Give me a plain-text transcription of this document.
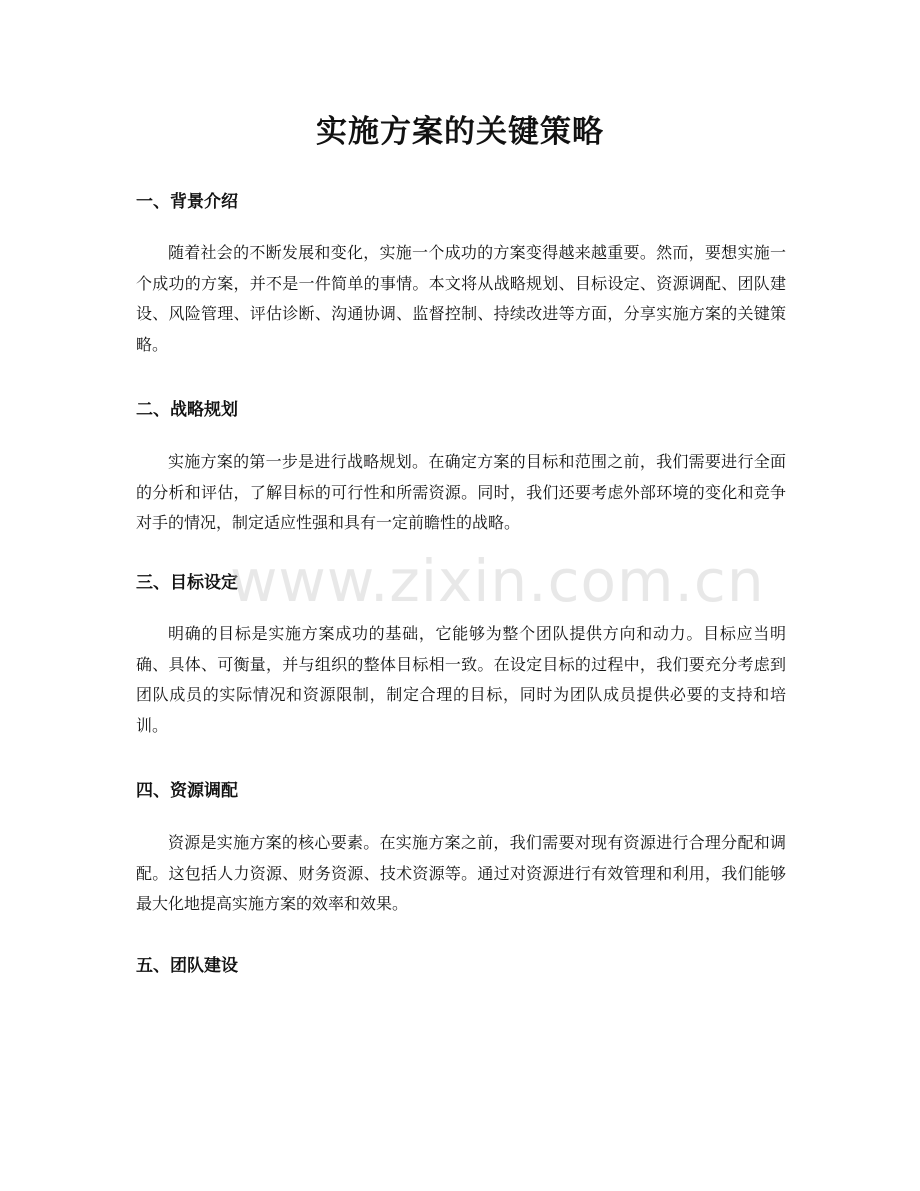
实施方案的关键策略
一、背景介绍

随着社会的不断发展和变化，实施一个成功的方案变得越来越重要。然而，要想实施一个成功的方案，并不是一件简单的事情。本文将从战略规划、目标设定、资源调配、团队建设、风险管理、评估诊断、沟通协调、监督控制、持续改进等方面，分享实施方案的关键策略。

二、战略规划

实施方案的第一步是进行战略规划。在确定方案的目标和范围之前，我们需要进行全面的分析和评估，了解目标的可行性和所需资源。同时，我们还要考虑外部环境的变化和竞争对手的情况，制定适应性强和具有一定前瞻性的战略。

三、目标设定

明确的目标是实施方案成功的基础，它能够为整个团队提供方向和动力。目标应当明确、具体、可衡量，并与组织的整体目标相一致。在设定目标的过程中，我们要充分考虑到团队成员的实际情况和资源限制，制定合理的目标，同时为团队成员提供必要的支持和培训。

四、资源调配

资源是实施方案的核心要素。在实施方案之前，我们需要对现有资源进行合理分配和调配。这包括人力资源、财务资源、技术资源等。通过对资源进行有效管理和利用，我们能够最大化地提高实施方案的效率和效果。

五、团队建设
www.zixin.com.cn
